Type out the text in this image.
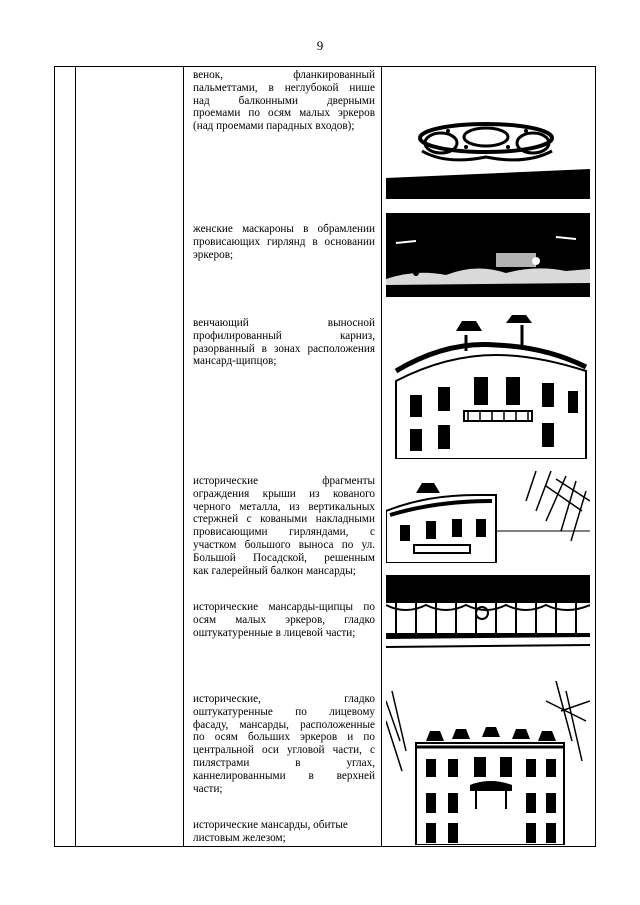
9
венок, фланкированный
пальметтами, в неглубокой нише
над балконными дверными
проемами по осям малых эркеров
(над проемами парадных входов);
женские маскароны в обрамлении
провисающих гирлянд в основании
эркеров;
венчающий выносной
профилированный карниз,
разорванный в зонах расположения
мансард-щипцов;
исторические фрагменты
ограждения крыши из кованого
черного металла, из вертикальных
стержней с коваными накладными
провисающими гирляндами, с
участком большого выноса по ул.
Большой Посадской, решенным
как галерейный балкон мансарды;
исторические мансарды-щипцы по
осям малых эркеров, гладко
оштукатуренные в лицевой части;
исторические, гладко
оштукатуренные по лицевому
фасаду, мансарды, расположенные
по осям больших эркеров и по
центральной оси угловой части, с
пилястрами в углах,
каннелированными в верхней
части;
исторические мансарды, обитые
листовым железом;
